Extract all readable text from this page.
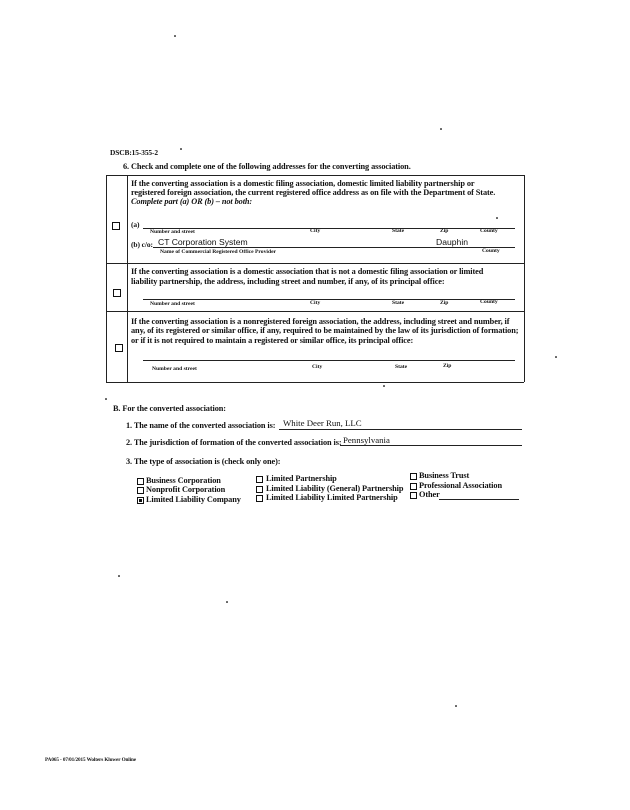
DSCB:15-355-2
6. Check and complete one of the following addresses for the converting association.
If the converting association is a domestic filing association, domestic limited liability partnership or
registered foreign association, the current registered office address as on file with the Department of State.
Complete part (a) OR (b) – not both:
(a)
Number and street	City	State	Zip	County
(b) c/o: CT Corporation System	Dauphin
Name of Commercial Registered Office Provider	County
If the converting association is a domestic association that is not a domestic filing association or limited
liability partnership, the address, including street and number, if any, of its principal office:
Number and street	City	State	Zip	County
If the converting association is a nonregistered foreign association, the address, including street and number, if
any, of its registered or similar office, if any, required to be maintained by the law of its jurisdiction of formation;
or if it is not required to maintain a registered or similar office, its principal office:
Number and street	City	State	Zip
B. For the converted association:
1. The name of the converted association is: White Deer Run, LLC
2. The jurisdiction of formation of the converted association is: Pennsylvania
3. The type of association is (check only one):
Business Corporation
Nonprofit Corporation
Limited Liability Company
Limited Partnership
Limited Liability (General) Partnership
Limited Liability Limited Partnership
Business Trust
Professional Association
Other
PA065 - 07/01/2015 Wolters Kluwer Online
